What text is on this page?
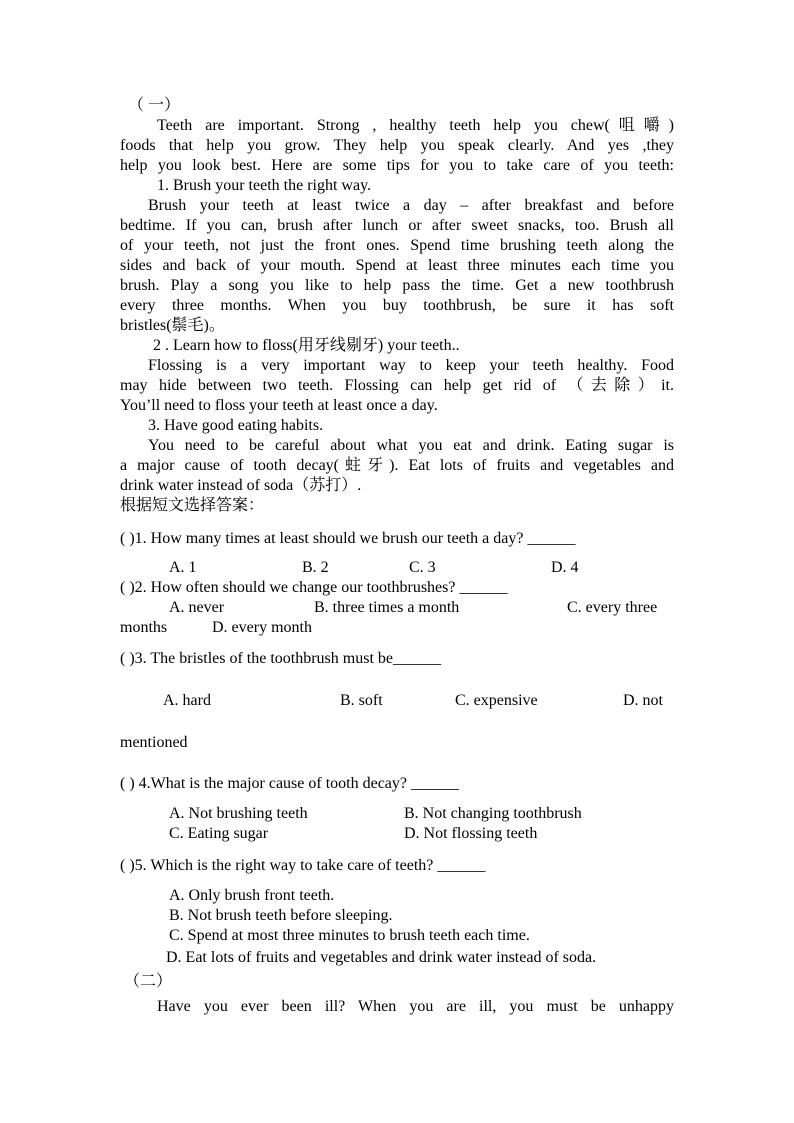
（ 一）
Teeth are important. Strong , healthy teeth help you chew(咀嚼)
foods that help you grow. They help you speak clearly. And yes ,they
help you look best. Here are some tips for you to take care of you teeth:
1. Brush your teeth the right way.
Brush your teeth at least twice a day – after breakfast and before
bedtime. If you can, brush after lunch or after sweet snacks, too. Brush all
of your teeth, not just the front ones. Spend time brushing teeth along the
sides and back of your mouth. Spend at least three minutes each time you
brush. Play a song you like to help pass the time. Get a new toothbrush
every three months. When you buy toothbrush, be sure it has soft
bristles(鬃毛)。
2 . Learn how to floss(用牙线剔牙) your teeth..
Flossing is a very important way to keep your teeth healthy. Food
may hide between two teeth. Flossing can help get rid of （去除）it.
You’ll need to floss your teeth at least once a day.
3. Have good eating habits.
You need to be careful about what you eat and drink. Eating sugar is
a major cause of tooth decay(蛀牙). Eat lots of fruits and vegetables and
drink water instead of soda（苏打）.
根据短文选择答案：
( )1. How many times at least should we brush our teeth a day? ______
A. 1	B. 2	C. 3	D. 4
( )2. How often should we change our toothbrushes? ______
A. never	B. three times a month	C. every three
months	D. every month
( )3. The bristles of the toothbrush must be______
A. hard	B. soft	C. expensive	D. not
mentioned
( ) 4.What is the major cause of tooth decay? ______
A. Not brushing teeth	B. Not changing toothbrush
C. Eating sugar	D. Not flossing teeth
( )5. Which is the right way to take care of teeth? ______
A. Only brush front teeth.
B. Not brush teeth before sleeping.
C. Spend at most three minutes to brush teeth each time.
D. Eat lots of fruits and vegetables and drink water instead of soda.
（二）
Have you ever been ill? When you are ill, you must be unhappy
